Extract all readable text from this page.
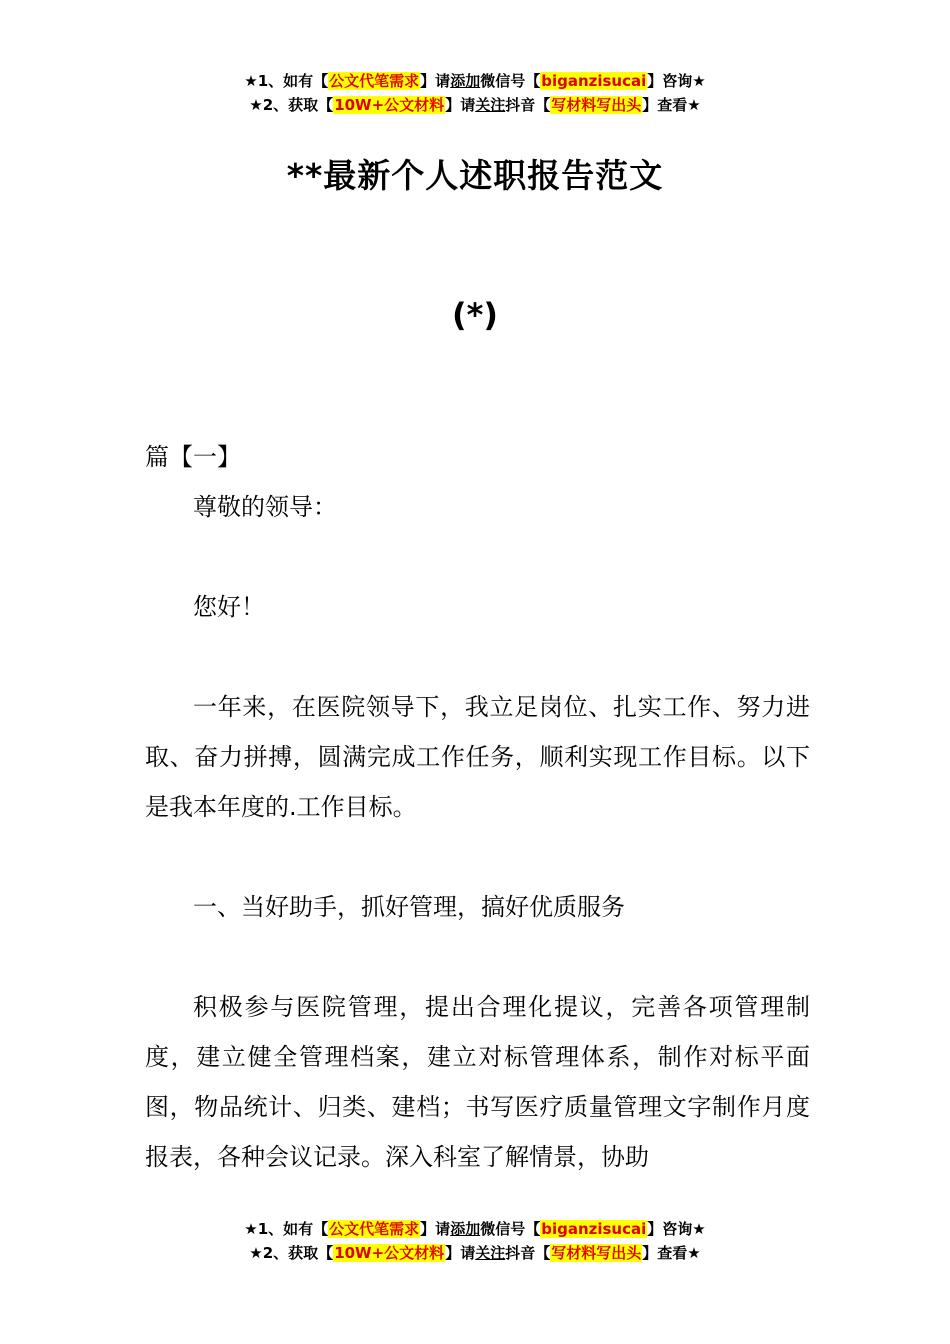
★1、如有【公文代笔需求】请添加微信号【biganzisucai】咨询★
★2、获取【10W+公文材料】请关注抖音【写材料写出头】查看★
**最新个人述职报告范文
(*)

篇【一】

尊敬的领导：

您好！

一年来，在医院领导下，我立足岗位、扎实工作、努力进取、奋力拼搏，圆满完成工作任务，顺利实现工作目标。以下是我本年度的.工作目标。

一、当好助手，抓好管理，搞好优质服务

积极参与医院管理，提出合理化提议，完善各项管理制度，建立健全管理档案，建立对标管理体系，制作对标平面图，物品统计、归类、建档；书写医疗质量管理文字制作月度报表，各种会议记录。深入科室了解情景，协助

★1、如有【公文代笔需求】请添加微信号【biganzisucai】咨询★
★2、获取【10W+公文材料】请关注抖音【写材料写出头】查看★
